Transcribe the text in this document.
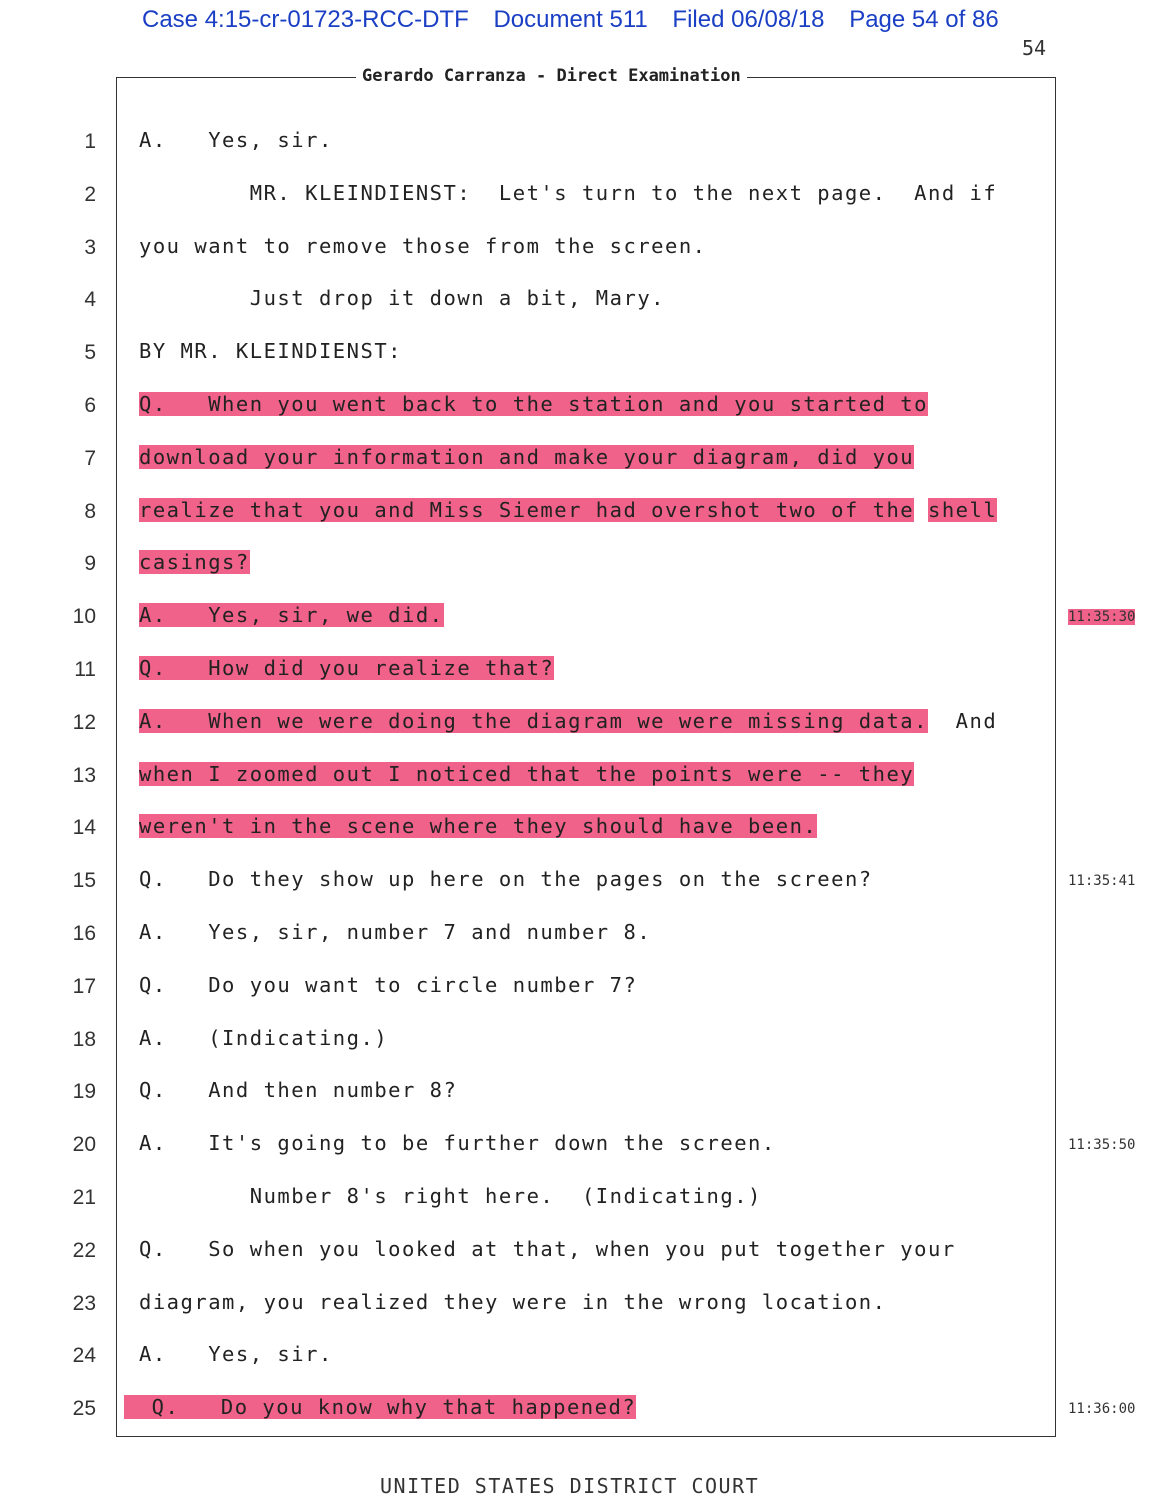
Case 4:15-cr-01723-RCC-DTF Document 511 Filed 06/08/18 Page 54 of 86
54
Gerardo Carranza - Direct Examination
1 A.   Yes, sir.
2 MR. KLEINDIENST:  Let's turn to the next page.  And if
3 you want to remove those from the screen.
4 Just drop it down a bit, Mary.
5 BY MR. KLEINDIENST:
6 Q.   When you went back to the station and you started to
7 download your information and make your diagram, did you
8 realize that you and Miss Siemer had overshot two of the shell
9 casings?
10 A.   Yes, sir, we did.	11:35:30
11 Q.   How did you realize that?
12 A.   When we were doing the diagram we were missing data.  And
13 when I zoomed out I noticed that the points were -- they
14 weren't in the scene where they should have been.
15 Q.   Do they show up here on the pages on the screen?	11:35:41
16 A.   Yes, sir, number 7 and number 8.
17 Q.   Do you want to circle number 7?
18 A.   (Indicating.)
19 Q.   And then number 8?
20 A.   It's going to be further down the screen.	11:35:50
21 Number 8's right here.  (Indicating.)
22 Q.   So when you looked at that, when you put together your
23 diagram, you realized they were in the wrong location.
24 A.   Yes, sir.
25 Q.   Do you know why that happened?	11:36:00
UNITED STATES DISTRICT COURT
